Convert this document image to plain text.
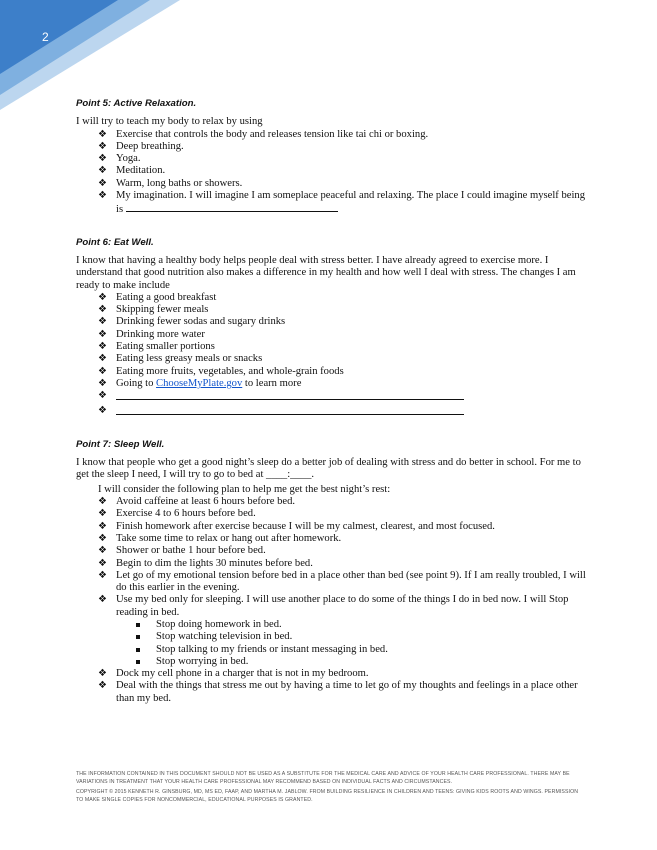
2
Point 5: Active Relaxation.

I will try to teach my body to relax by using

❖ Exercise that controls the body and releases tension like tai chi or boxing.
❖ Deep breathing.
❖ Yoga.
❖ Meditation.
❖ Warm, long baths or showers.
❖ My imagination. I will imagine I am someplace peaceful and relaxing. The place I could imagine myself being is
Point 6: Eat Well.

I know that having a healthy body helps people deal with stress better. I have already agreed to exercise more. I understand that good nutrition also makes a difference in my health and how well I deal with stress. The changes I am ready to make include

❖ Eating a good breakfast
❖ Skipping fewer meals
❖ Drinking fewer sodas and sugary drinks
❖ Drinking more water
❖ Eating smaller portions
❖ Eating less greasy meals or snacks
❖ Eating more fruits, vegetables, and whole-grain foods
❖ Going to ChooseMyPlate.gov to learn more
❖
❖
Point 7: Sleep Well.

I know that people who get a good night’s sleep do a better job of dealing with stress and do better in school. For me to get the sleep I need, I will try to go to bed at ____:____.

I will consider the following plan to help me get the best night’s rest:

❖ Avoid caffeine at least 6 hours before bed.
❖ Exercise 4 to 6 hours before bed.
❖ Finish homework after exercise because I will be my calmest, clearest, and most focused.
❖ Take some time to relax or hang out after homework.
❖ Shower or bathe 1 hour before bed.
❖ Begin to dim the lights 30 minutes before bed.
❖ Let go of my emotional tension before bed in a place other than bed (see point 9). If I am really troubled, I will do this earlier in the evening.
❖ Use my bed only for sleeping. I will use another place to do some of the things I do in bed now. I will Stop reading in bed.
Stop doing homework in bed.
Stop watching television in bed.
Stop talking to my friends or instant messaging in bed.
Stop worrying in bed.
❖ Dock my cell phone in a charger that is not in my bedroom.
❖ Deal with the things that stress me out by having a time to let go of my thoughts and feelings in a place other than my bed.

THE INFORMATION CONTAINED IN THIS DOCUMENT SHOULD NOT BE USED AS A SUBSTITUTE FOR THE MEDICAL CARE AND ADVICE OF YOUR HEALTH CARE PROFESSIONAL. THERE MAY BE VARIATIONS IN TREATMENT THAT YOUR HEALTH CARE PROFESSIONAL MAY RECOMMEND BASED ON INDIVIDUAL FACTS AND CIRCUMSTANCES.

COPYRIGHT © 2015 KENNETH R. GINSBURG, MD, MS ED, FAAP, AND MARTHA M. JABLOW. FROM BUILDING RESILIENCE IN CHILDREN AND TEENS: GIVING KIDS ROOTS AND WINGS. PERMISSION TO MAKE SINGLE COPIES FOR NONCOMMERCIAL, EDUCATIONAL PURPOSES IS GRANTED.
